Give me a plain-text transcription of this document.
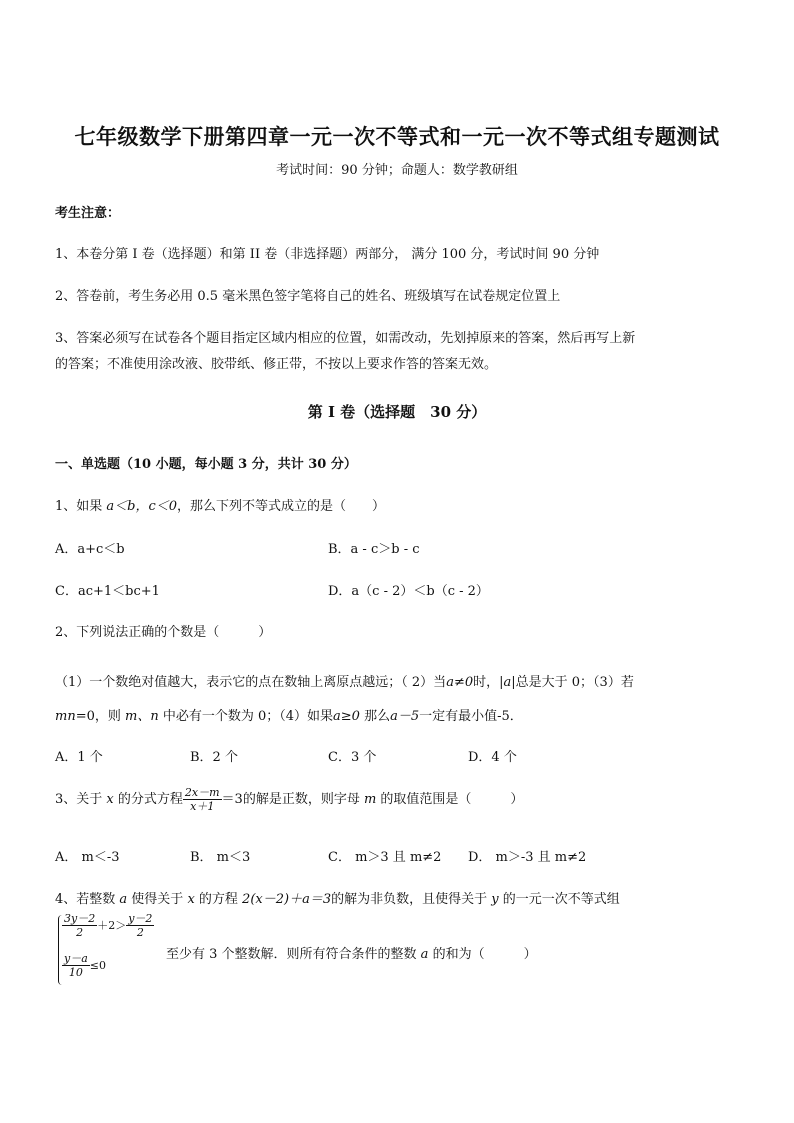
七年级数学下册第四章一元一次不等式和一元一次不等式组专题测试
考试时间：90 分钟；命题人：数学教研组
考生注意：
1、本卷分第 I 卷（选择题）和第 II 卷（非选择题）两部分， 满分 100 分，考试时间 90 分钟
2、答卷前，考生务必用 0.5 毫米黑色签字笔将自己的姓名、班级填写在试卷规定位置上
3、答案必须写在试卷各个题目指定区域内相应的位置，如需改动，先划掉原来的答案，然后再写上新
的答案；不准使用涂改液、胶带纸、修正带，不按以上要求作答的答案无效。
第 I 卷（选择题　30 分）
一、单选题（10 小题，每小题 3 分，共计 30 分）
1、如果 a＜b，c＜0，那么下列不等式成立的是（　　）
A．a+c＜b	B．a - c＞b - c
C．ac+1＜bc+1	D．a（c - 2）＜b（c - 2）
2、下列说法正确的个数是（　　　）
（1）一个数绝对值越大，表示它的点在数轴上离原点越远；（ 2）当a≠0时，|a|总是大于 0；（3）若
mn=0，则 m、n 中必有一个数为 0；（4）如果a≥0 那么a－5一定有最小值-5．
A．1 个	B．2 个	C．3 个	D．4 个
3、关于 x 的分式方程 $\frac{2x-m}{x+1} =3$的解是正数，则字母 m 的取值范围是（　　　）
A． m＜-3	B． m＜3	C． m＞3 且 m≠2 D． m＞-3 且 m≠2
4、若整数 a 使得关于 x 的方程 2(x－2)＋a＝3的解为非负数，且使得关于 y 的一元一次不等式组
$\frac{3y-2}{2} +2> \frac{y-2}{2}$
$\frac{y-a}{10} \le 0$
至少有 3 个整数解．则所有符合条件的整数 a 的和为（　　　）
